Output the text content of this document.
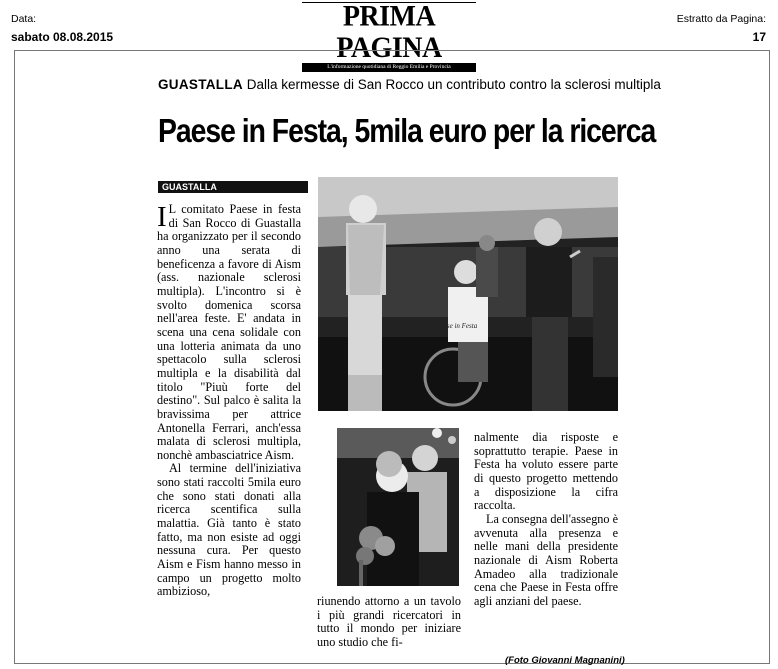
Data:
sabato 08.08.2015
Estratto da Pagina:
17
PRIMA PAGINA
L'informazione quotidiana di Reggio Emilia e Provincia
GUASTALLA Dalla kermesse di San Rocco un contributo contro la sclerosi multipla
Paese in Festa, 5mila euro per la ricerca
GUASTALLA

I L comitato Paese in festa di San Rocco di Guastalla ha organizzato per il secondo anno una serata di beneficenza a favore di Aism (ass. nazionale sclerosi multipla). L'incontro si è svolto domenica scorsa nell'area feste. E' andata in scena una cena solidale con una lotteria animata da uno spettacolo sulla sclerosi multipla e la disabilità dal titolo "Piuù forte del destino". Sul palco è salita la bravissima per attrice Antonella Ferrari, anch'essa malata di sclerosi multipla, nonchè ambasciatrice Aism.

Al termine dell'iniziativa sono stati raccolti 5mila euro che sono stati donati alla ricerca scentifica sulla malattia. Già tanto è stato fatto, ma non esiste ad oggi nessuna cura. Per questo Aism e Fism hanno messo in campo un progetto molto ambizioso,

Paese in Festa

riunendo attorno a un tavolo i più grandi ricercatori in tutto il mondo per iniziare uno studio che fi-

nalmente dia risposte e soprattutto terapie. Paese in Festa ha voluto essere parte di questo progetto mettendo a disposizione la cifra raccolta.

La consegna dell'assegno è avvenuta alla presenza e nelle mani della presidente nazionale di Aism Roberta Amadeo alla tradizionale cena che Paese in Festa offre agli anziani del paese.

(Foto Giovanni Magnanini)
